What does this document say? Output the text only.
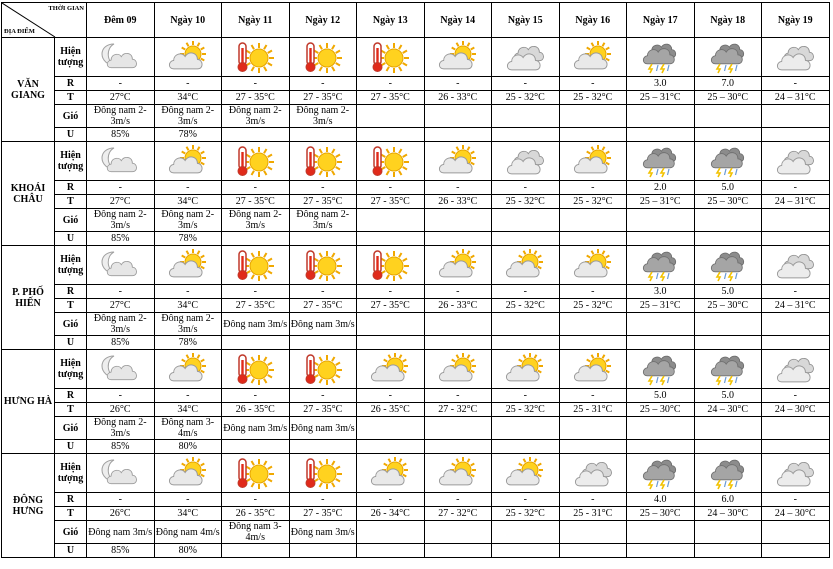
THỜI GIAN
ĐỊA ĐIỂM		Đêm 09	Ngày 10	Ngày 11	Ngày 12	Ngày 13	Ngày 14	Ngày 15	Ngày 16	Ngày 17	Ngày 18	Ngày 19
VĂN GIANG	Hiện tượng	

	R	-	-	-	-	-	-	-	-	3.0	7.0	-
	T	27°C	34°C	27 - 35°C	27 - 35°C	27 - 35°C	26 - 33°C	25 - 32°C	25 - 32°C	25 – 31°C	25 – 30°C	24 – 31°C
	Gió	Đông nam 2-3m/s	Đông nam 2-3m/s	Đông nam 2-3m/s	Đông nam 2-3m/s							
	U	85%	78%									
KHOÁI CHÂU	Hiện tượng	

	R	-	-	-	-	-	-	-	-	2.0	5.0	-
	T	27°C	34°C	27 - 35°C	27 - 35°C	27 - 35°C	26 - 33°C	25 - 32°C	25 - 32°C	25 – 31°C	25 – 30°C	24 – 31°C
	Gió	Đông nam 2-3m/s	Đông nam 2-3m/s	Đông nam 2-3m/s	Đông nam 2-3m/s							
	U	85%	78%									
P. PHỐ HIẾN	Hiện tượng	

	R	-	-	-	-	-	-	-	-	3.0	5.0	-
	T	27°C	34°C	27 - 35°C	27 - 35°C	27 - 35°C	26 - 33°C	25 - 32°C	25 - 32°C	25 – 31°C	25 – 30°C	24 – 31°C
	Gió	Đông nam 2-3m/s	Đông nam 2-3m/s	Đông nam 3m/s	Đông nam 3m/s							
	U	85%	78%									
HƯNG HÀ	Hiện tượng	

	R	-	-	-	-	-	-	-	-	5.0	5.0	-
	T	26°C	34°C	26 - 35°C	27 - 35°C	26 - 35°C	27 - 32°C	25 - 32°C	25 - 31°C	25 – 30°C	24 – 30°C	24 – 30°C
	Gió	Đông nam 2-3m/s	Đông nam 3-4m/s	Đông nam 3m/s	Đông nam 3m/s							
	U	85%	80%									
ĐÔNG HƯNG	Hiện tượng	

	R	-	-	-	-	-	-	-	-	4.0	6.0	-
	T	26°C	34°C	26 - 35°C	27 - 35°C	26 - 34°C	27 - 32°C	25 - 32°C	25 - 31°C	25 – 30°C	24 – 30°C	24 – 30°C
	Gió	Đông nam 3m/s	Đông nam 4m/s	Đông nam 3-4m/s	Đông nam 3m/s							
	U	85%	80%									
